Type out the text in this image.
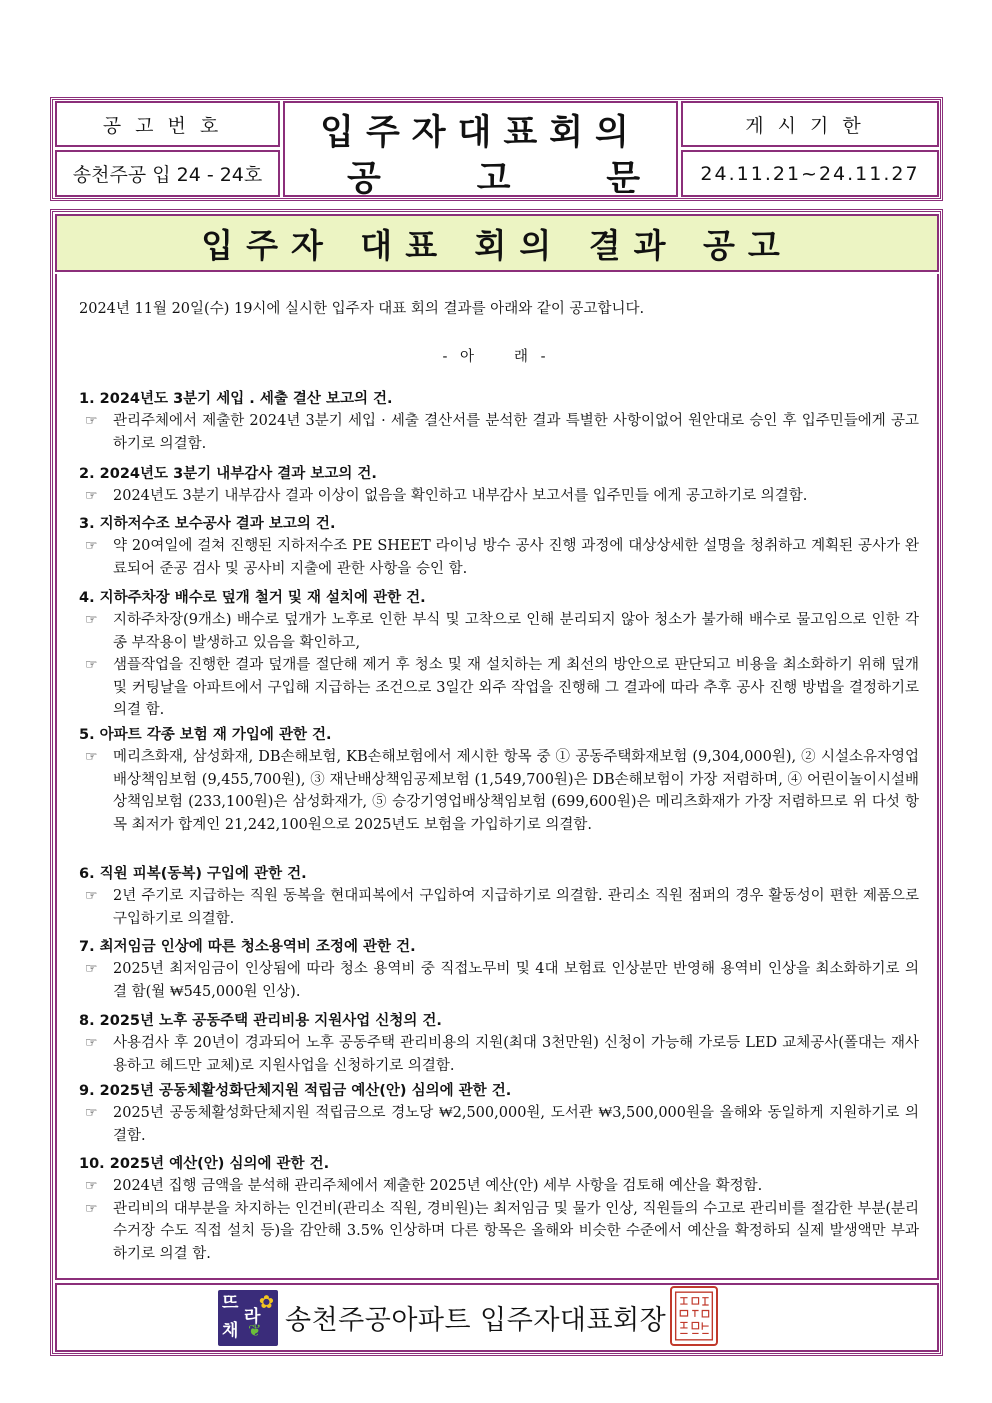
공고번호
송천주공 입 24 - 24호
입주자대표회의
공	고	문
게시기한
24.11.21~24.11.27
입주자 대표 회의 결과 공고
2024년 11월 20일(수) 19시에 실시한 입주자 대표 회의 결과를 아래와 같이 공고합니다.
- 아 래 -

1. 2024년도 3분기 세입 . 세출 결산 보고의 건.

☞ 관리주체에서 제출한 2024년 3분기 세입 · 세출 결산서를 분석한 결과 특별한 사항이없어 원안대로 승인 후 입주민들에게 공고하기로 의결함.

2. 2024년도 3분기 내부감사 결과 보고의 건.

☞ 2024년도 3분기 내부감사 결과 이상이 없음을 확인하고 내부감사 보고서를 입주민들 에게 공고하기로 의결함.

3. 지하저수조 보수공사 결과 보고의 건.

☞ 약 20여일에 걸쳐 진행된 지하저수조 PE SHEET 라이닝 방수 공사 진행 과정에 대상상세한 설명을 청취하고 계획된 공사가 완료되어 준공 검사 및 공사비 지출에 관한 사항을 승인 함.

4. 지하주차장 배수로 덮개 철거 및 재 설치에 관한 건.

☞ 지하주차장(9개소) 배수로 덮개가 노후로 인한 부식 및 고착으로 인해 분리되지 않아 청소가 불가해 배수로 물고임으로 인한 각종 부작용이 발생하고 있음을 확인하고,

☞ 샘플작업을 진행한 결과 덮개를 절단해 제거 후 청소 및 재 설치하는 게 최선의 방안으로 판단되고 비용을 최소화하기 위해 덮개 및 커팅날을 아파트에서 구입해 지급하는 조건으로 3일간 외주 작업을 진행해 그 결과에 따라 추후 공사 진행 방법을 결정하기로 의결 함.

5. 아파트 각종 보험 재 가입에 관한 건.

☞ 메리츠화재, 삼성화재, DB손해보험, KB손해보험에서 제시한 항목 중 ① 공동주택화재보험 (9,304,000원), ② 시설소유자영업배상책임보험 (9,455,700원), ③ 재난배상책임공제보험 (1,549,700원)은 DB손해보험이 가장 저렴하며, ④ 어린이놀이시설배상책임보험 (233,100원)은 삼성화재가, ⑤ 승강기영업배상책임보험 (699,600원)은 메리츠화재가 가장 저렴하므로 위 다섯 항목 최저가 합계인 21,242,100원으로 2025년도 보험을 가입하기로 의결함.

6. 직원 피복(동복) 구입에 관한 건.

☞ 2년 주기로 지급하는 직원 동복을 현대피복에서 구입하여 지급하기로 의결함. 관리소 직원 점퍼의 경우 활동성이 편한 제품으로 구입하기로 의결함.

7. 최저임금 인상에 따른 청소용역비 조정에 관한 건.

☞ 2025년 최저임금이 인상됨에 따라 청소 용역비 중 직접노무비 및 4대 보험료 인상분만 반영해 용역비 인상을 최소화하기로 의결 함(월 ₩545,000원 인상).

8. 2025년 노후 공동주택 관리비용 지원사업 신청의 건.

☞ 사용검사 후 20년이 경과되어 노후 공동주택 관리비용의 지원(최대 3천만원) 신청이 가능해 가로등 LED 교체공사(폴대는 재사용하고 헤드만 교체)로 지원사업을 신청하기로 의결함.

9. 2025년 공동체활성화단체지원 적립금 예산(안) 심의에 관한 건.

☞ 2025년 공동체활성화단체지원 적립금으로 경노당 ₩2,500,000원, 도서관 ₩3,500,000원을 올해와 동일하게 지원하기로 의결함.

10. 2025년 예산(안) 심의에 관한 건.

☞ 2024년 집행 금액을 분석해 관리주체에서 제출한 2025년 예산(안) 세부 사항을 검토해 예산을 확정함.

☞ 관리비의 대부분을 차지하는 인건비(관리소 직원, 경비원)는 최저임금 및 물가 인상, 직원들의 수고로 관리비를 절감한 부분(분리수거장 수도 직접 설치 등)을 감안해 3.5% 인상하며 다른 항목은 올해와 비슷한 수준에서 예산을 확정하되 실제 발생액만 부과하기로 의결 함.

✿
❦
뜨
라
채 송천주공아파트 입주자대표회장
